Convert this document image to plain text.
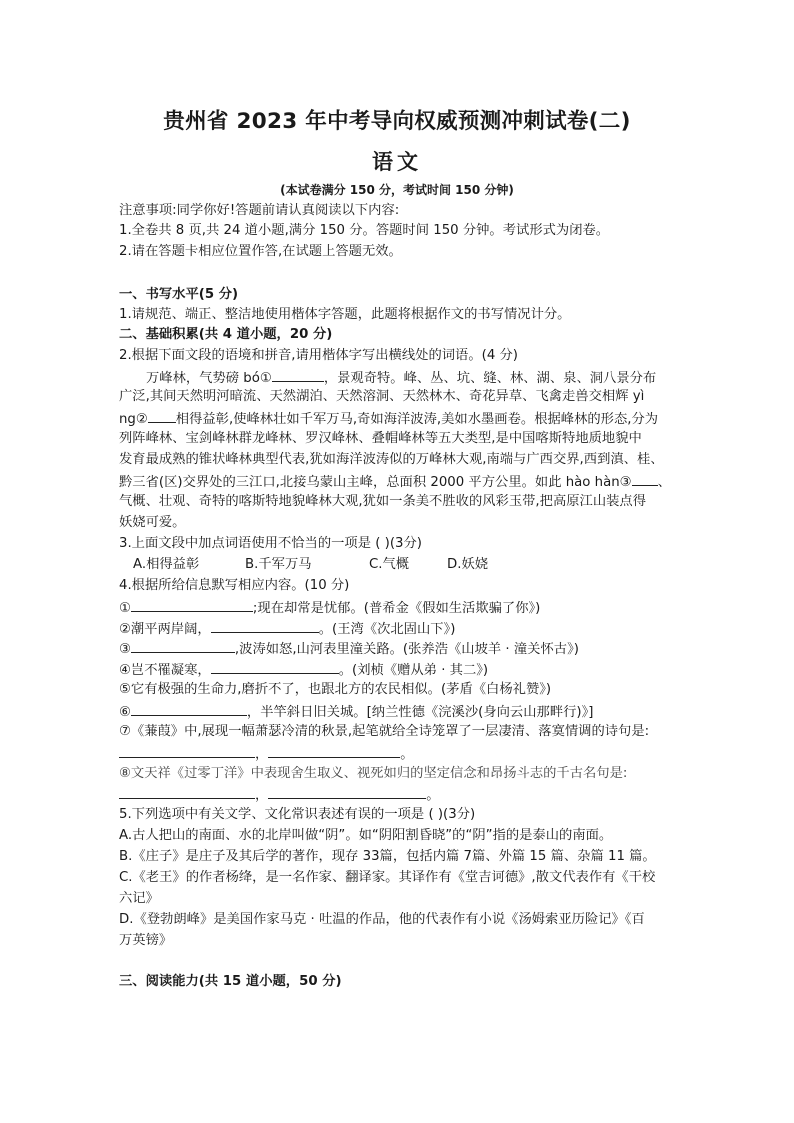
贵州省 2023 年中考导向权威预测冲刺试卷(二)
语文
(本试卷满分 150 分，考试时间 150 分钟)
注意事项:同学你好!答题前请认真阅读以下内容:
1.全卷共 8 页,共 24 道小题,满分 150 分。答题时间 150 分钟。考试形式为闭卷。
2.请在答题卡相应位置作答,在试题上答题无效。
一、书写水平(5 分)
1.请规范、端正、整洁地使用楷体字答题，此题将根据作文的书写情况计分。
二、基础积累(共 4 道小题，20 分)
2.根据下面文段的语境和拼音,请用楷体字写出横线处的词语。(4 分)
万峰林，气势磅 bó①	，景观奇特。峰、丛、坑、缝、林、湖、泉、洞八景分布
广泛,其间天然明河暗流、天然湖泊、天然溶洞、天然林木、奇花异草、飞禽走兽交相辉 yì
ng② 相得益彰,使峰林壮如千军万马,奇如海洋波涛,美如水墨画卷。根据峰林的形态,分为
列阵峰林、宝剑峰林群龙峰林、罗汉峰林、叠帽峰林等五大类型,是中国喀斯特地质地貌中
发育最成熟的锥状峰林典型代表,犹如海洋波涛似的万峰林大观,南端与广西交界,西到滇、桂、
黔三省(区)交界处的三江口,北接乌蒙山主峰，总面积 2000 平方公里。如此 hào hàn③ 、
气概、壮观、奇特的喀斯特地貌峰林大观,犹如一条美不胜收的风彩玉带,把高原江山装点得
妖娆可爱。
3.上面文段中加点词语使用不恰当的一项是 ( )(3分)
A.相得益彰	B.千军万马	C.气概	D.妖娆
4.根据所给信息默写相应内容。(10 分)
①	;现在却常是忧郁。(普希金《假如生活欺骗了你》)
②潮平两岸阔，	。(王湾《次北固山下》)
③	,波涛如怒,山河表里潼关路。(张养浩《山坡羊 · 潼关怀古》)
④岂不罹凝寒，	。(刘桢《赠从弟 · 其二》)
⑤它有极强的生命力,磨折不了，也跟北方的农民相似。(茅盾《白杨礼赞》)
⑥	，半竿斜日旧关城。[纳兰性德《浣溪沙(身向云山那畔行)》]
⑦《蒹葭》中,展现一幅萧瑟冷清的秋景,起笔就给全诗笼罩了一层凄清、落寞情调的诗句是:
，	。
⑧文天祥《过零丁洋》中表现舍生取义、视死如归的坚定信念和昂扬斗志的千古名句是:
，	。
5.下列选项中有关文学、文化常识表述有误的一项是 ( )(3分)
A.古人把山的南面、水的北岸叫做“阴”。如“阴阳割昏晓”的“阴”指的是泰山的南面。
B.《庄子》是庄子及其后学的著作，现存 33篇，包括内篇 7篇、外篇 15 篇、杂篇 11 篇。
C.《老王》的作者杨绛，是一名作家、翻译家。其译作有《堂吉诃德》,散文代表作有《干校
六记》
D.《登勃朗峰》是美国作家马克 · 吐温的作品，他的代表作有小说《汤姆索亚历险记》《百
万英镑》
三、阅读能力(共 15 道小题，50 分)
